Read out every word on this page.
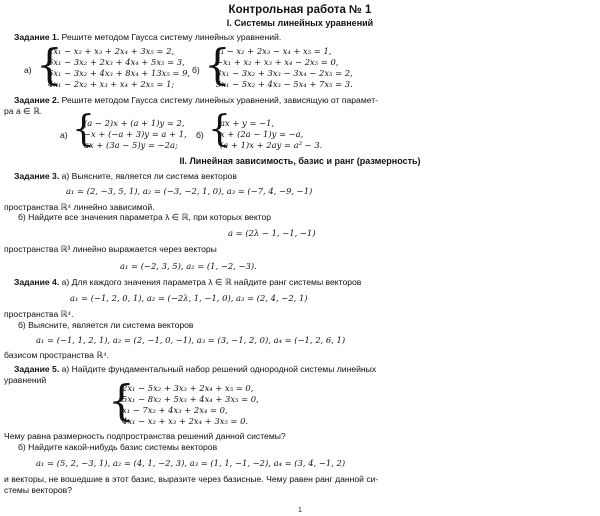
Контрольная работа № 1
I. Системы линейных уравнений
Задание 1. Решите методом Гаусса систему линейных уравнений.
а) {
2x₁ − x₂ + x₃ + 2x₄ + 3x₅ = 2,
6x₁ − 3x₂ + 2x₃ + 4x₄ + 5x₅ = 3,
6x₁ − 3x₂ + 4x₃ + 8x₄ + 13x₅ = 9,
4x₁ − 2x₂ + x₃ + x₄ + 2x₅ = 1;
б) {
x₁ − x₂ + 2x₃ − x₄ + x₅ = 1,
−x₁ + x₂ + x₃ + x₄ − 2x₅ = 0,
3x₁ − 3x₂ + 3x₃ − 3x₄ − 2x₅ = 2,
5x₁ − 5x₂ + 4x₃ − 5x₄ + 7x₅ = 3.
Задание 2. Решите методом Гаусса систему линейных уравнений, зависящую от парамет-
ра a ∈ ℝ.
а) {
(a − 2)x + (a + 1)y = 2,
−x + (−a + 3)y = a + 1,
ax + (3a − 5)y = −2a;
б) {
ax + y = −1,
x + (2a − 1)y = −a,
(a + 1)x + 2ay = a² − 3.
II. Линейная зависимость, базис и ранг (размерность)
Задание 3. а) Выясните, является ли система векторов
a₁ = (2, −3, 5, 1), a₂ = (−3, −2, 1, 0), a₃ = (−7, 4, −9, −1)
пространства ℝ⁴ линейно зависимой.
б) Найдите все значения параметра λ ∈ ℝ, при которых вектор
a = (2λ − 1, −1, −1)
пространства ℝ³ линейно выражается через векторы
a₁ = (−2, 3, 5), a₂ = (1, −2, −3).
Задание 4. а) Для каждого значения параметра λ ∈ ℝ найдите ранг системы векторов
a₁ = (−1, 2, 0, 1), a₂ = (−2λ, 1, −1, 0), a₃ = (2, 4, −2, 1)
пространства ℝ⁴.
б) Выясните, является ли система векторов
a₁ = (−1, 1, 2, 1), a₂ = (2, −1, 0, −1), a₃ = (3, −1, 2, 0), a₄ = (−1, 2, 6, 1)
базисом пространства ℝ⁴.
Задание 5. а) Найдите фундаментальный набор решений однородной системы линейных
уравнений {
2x₁ − 5x₂ + 3x₃ + 2x₄ + x₅ = 0,
5x₁ − 8x₂ + 5x₃ + 4x₄ + 3x₅ = 0,
x₁ − 7x₂ + 4x₃ + 2x₄ = 0,
4x₁ − x₂ + x₃ + 2x₄ + 3x₅ = 0.
Чему равна размерность подпространства решений данной системы?
б) Найдите какой-нибудь базис системы векторов
a₁ = (5, 2, −3, 1), a₂ = (4, 1, −2, 3), a₃ = (1, 1, −1, −2), a₄ = (3, 4, −1, 2)
и векторы, не вошедшие в этот базис, выразите через базисные. Чему равен ранг данной си-
стемы векторов?
1
